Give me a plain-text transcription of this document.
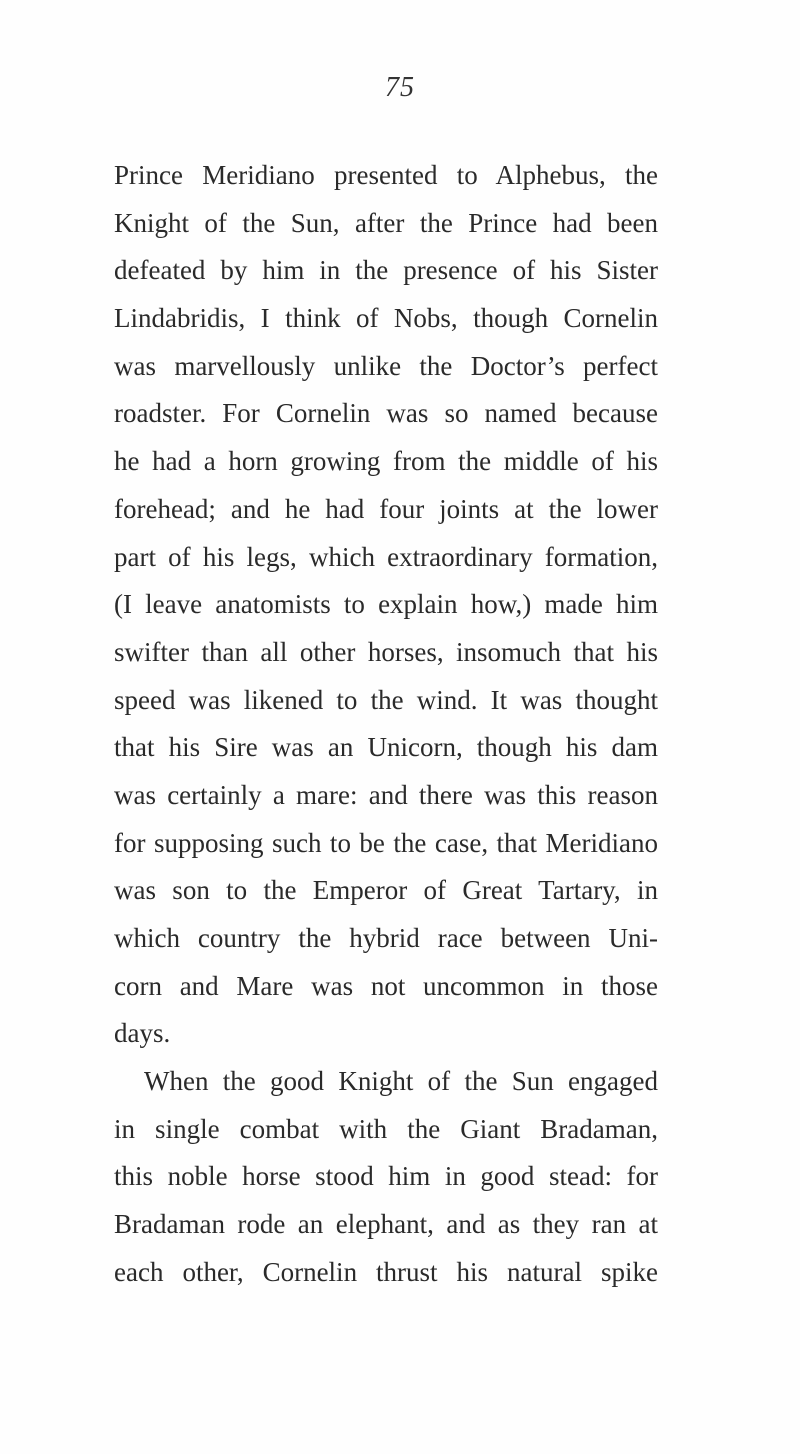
75
Prince Meridiano presented to Alphebus, the
Knight of the Sun, after the Prince had been
defeated by him in the presence of his Sister
Lindabridis, I think of Nobs, though Cornelin
was marvellously unlike the Doctor’s perfect
roadster. For Cornelin was so named because
he had a horn growing from the middle of his
forehead; and he had four joints at the lower
part of his legs, which extraordinary formation,
(I leave anatomists to explain how,) made him
swifter than all other horses, insomuch that his
speed was likened to the wind. It was thought
that his Sire was an Unicorn, though his dam
was certainly a mare: and there was this reason
for supposing such to be the case, that Meridiano
was son to the Emperor of Great Tartary, in
which country the hybrid race between Uni-
corn and Mare was not uncommon in those
days.
When the good Knight of the Sun engaged
in single combat with the Giant Bradaman,
this noble horse stood him in good stead: for
Bradaman rode an elephant, and as they ran at
each other, Cornelin thrust his natural spike
